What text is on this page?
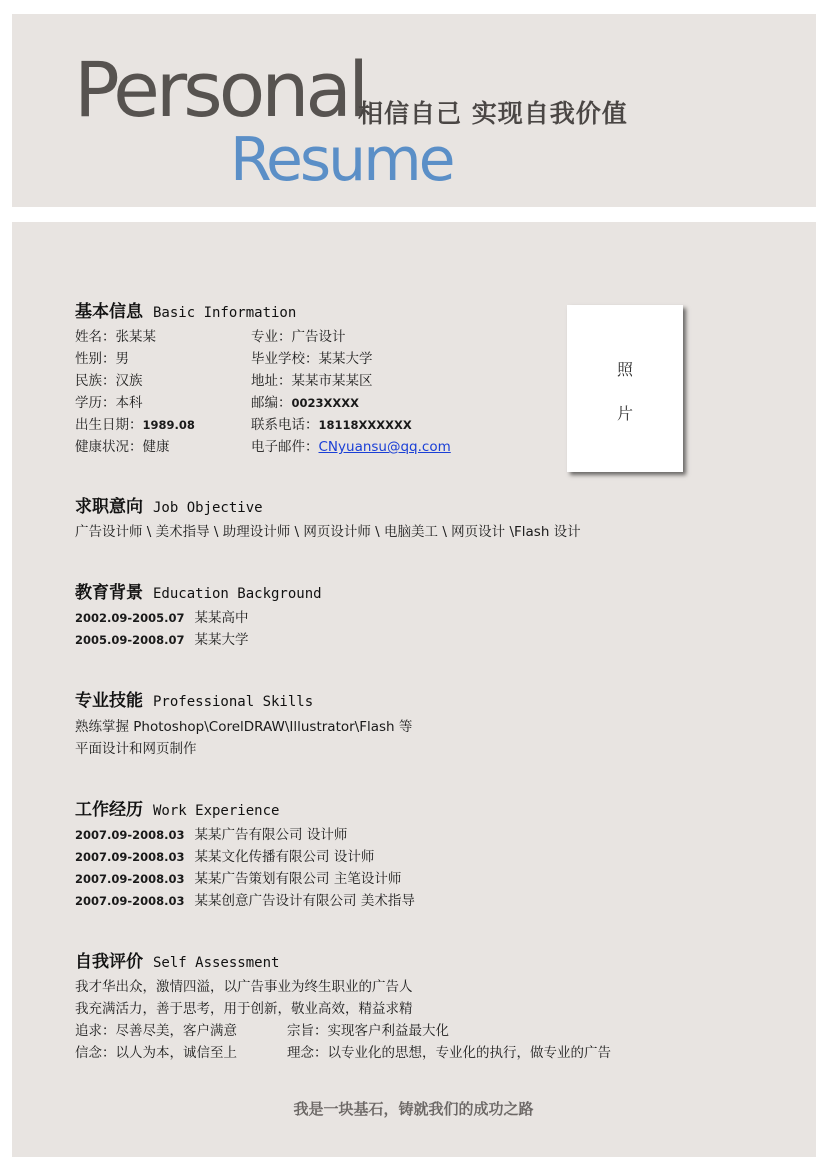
Personal
Resume
相信自己 实现自我价值
基本信息 Basic Information
姓名：张某某
性别：男
民族：汉族
学历：本科
出生日期：1989.08
健康状况：健康
专业：广告设计
毕业学校：某某大学
地址：某某市某某区
邮编：0023XXXX
联系电话：18118XXXXXX
电子邮件：CNyuansu@qq.com
照
片
求职意向 Job Objective
广告设计师 \ 美术指导 \ 助理设计师 \ 网页设计师 \ 电脑美工 \ 网页设计 \Flash 设计
教育背景 Education Background
2002.09-2005.07 某某高中
2005.09-2008.07 某某大学
专业技能 Professional Skills
熟练掌握 Photoshop\CorelDRAW\Illustrator\Flash 等
平面设计和网页制作
工作经历 Work Experience
2007.09-2008.03 某某广告有限公司 设计师
2007.09-2008.03 某某文化传播有限公司 设计师
2007.09-2008.03 某某广告策划有限公司 主笔设计师
2007.09-2008.03 某某创意广告设计有限公司 美术指导
自我评价 Self Assessment
我才华出众，激情四溢，以广告事业为终生职业的广告人
我充满活力，善于思考，用于创新，敬业高效，精益求精
追求：尽善尽美，客户满意	宗旨：实现客户利益最大化
信念：以人为本，诚信至上	理念：以专业化的思想，专业化的执行，做专业的广告
我是一块基石，铸就我们的成功之路
